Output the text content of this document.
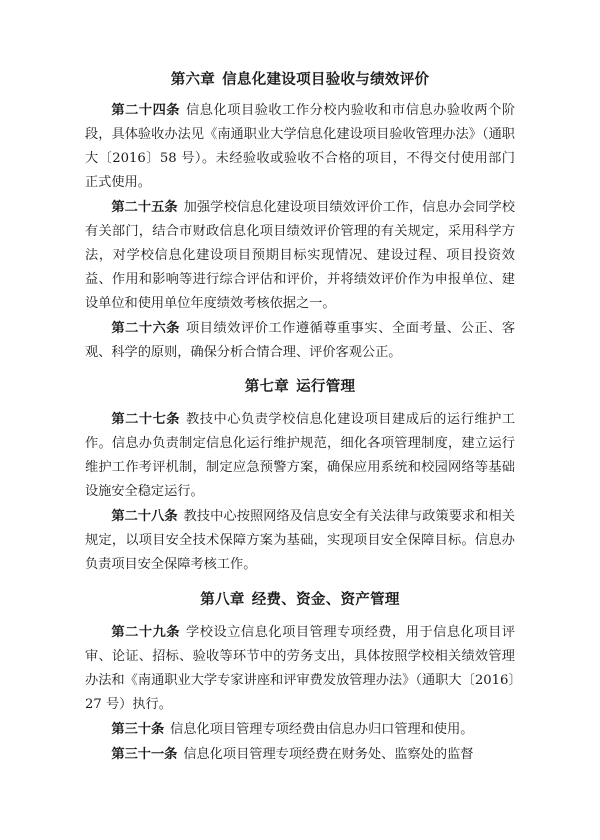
第六章 信息化建设项目验收与绩效评价

第二十四条 信息化项目验收工作分校内验收和市信息办验收两个阶段，具体验收办法见《南通职业大学信息化建设项目验收管理办法》（通职大〔2016〕58 号）。未经验收或验收不合格的项目，不得交付使用部门正式使用。

第二十五条 加强学校信息化建设项目绩效评价工作，信息办会同学校有关部门，结合市财政信息化项目绩效评价管理的有关规定，采用科学方法，对学校信息化建设项目预期目标实现情况、建设过程、项目投资效益、作用和影响等进行综合评估和评价，并将绩效评价作为申报单位、建设单位和使用单位年度绩效考核依据之一。

第二十六条 项目绩效评价工作遵循尊重事实、全面考量、公正、客观、科学的原则，确保分析合情合理、评价客观公正。

第七章 运行管理

第二十七条 教技中心负责学校信息化建设项目建成后的运行维护工作。信息办负责制定信息化运行维护规范，细化各项管理制度，建立运行维护工作考评机制，制定应急预警方案，确保应用系统和校园网络等基础设施安全稳定运行。

第二十八条 教技中心按照网络及信息安全有关法律与政策要求和相关规定，以项目安全技术保障方案为基础，实现项目安全保障目标。信息办负责项目安全保障考核工作。

第八章 经费、资金、资产管理

第二十九条 学校设立信息化项目管理专项经费，用于信息化项目评审、论证、招标、验收等环节中的劳务支出，具体按照学校相关绩效管理办法和《南通职业大学专家讲座和评审费发放管理办法》（通职大〔2016〕27 号）执行。

第三十条 信息化项目管理专项经费由信息办归口管理和使用。

第三十一条 信息化项目管理专项经费在财务处、监察处的监督
